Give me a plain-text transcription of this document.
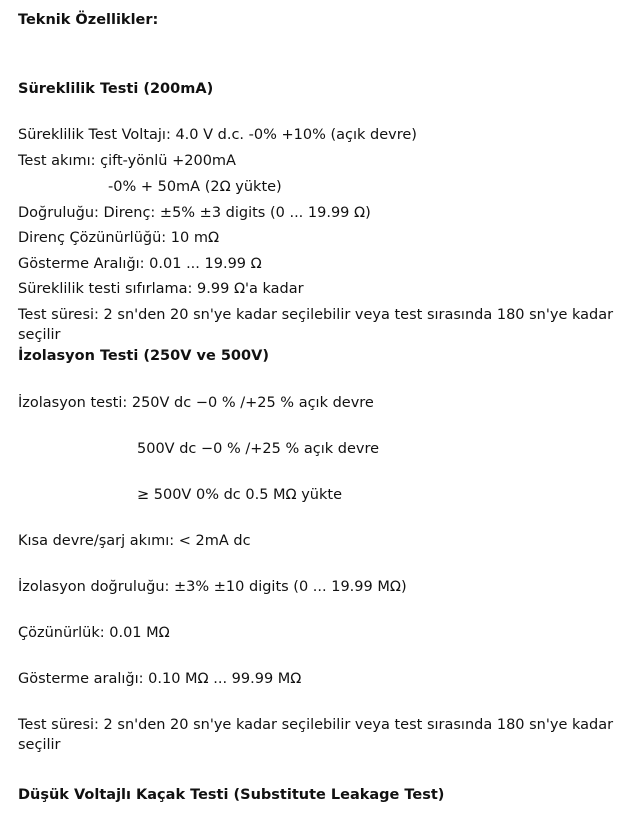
Teknik Özellikler:
Süreklilik Testi (200mA)
Süreklilik Test Voltajı: 4.0 V d.c. -0% +10% (açık devre)
Test akımı: çift-yönlü +200mA
-0% + 50mA (2Ω yükte)
Doğruluğu: Direnç: ±5% ±3 digits (0 ... 19.99 Ω)
Direnç Çözünürlüğü: 10 mΩ
Gösterme Aralığı: 0.01 ... 19.99 Ω
Süreklilik testi sıfırlama: 9.99 Ω'a kadar
Test süresi: 2 sn'den 20 sn'ye kadar seçilebilir veya test sırasında 180 sn'ye kadar seçilir
İzolasyon Testi (250V ve 500V)
İzolasyon testi: 250V dc −0 % /+25 % açık devre
500V dc −0 % /+25 % açık devre
≥ 500V 0% dc 0.5 MΩ yükte
Kısa devre/şarj akımı: < 2mA dc
İzolasyon doğruluğu: ±3% ±10 digits (0 ... 19.99 MΩ)
Çözünürlük: 0.01 MΩ
Gösterme aralığı: 0.10 MΩ ... 99.99 MΩ
Test süresi: 2 sn'den 20 sn'ye kadar seçilebilir veya test sırasında 180 sn'ye kadar seçilir
Düşük Voltajlı Kaçak Testi (Substitute Leakage Test)
